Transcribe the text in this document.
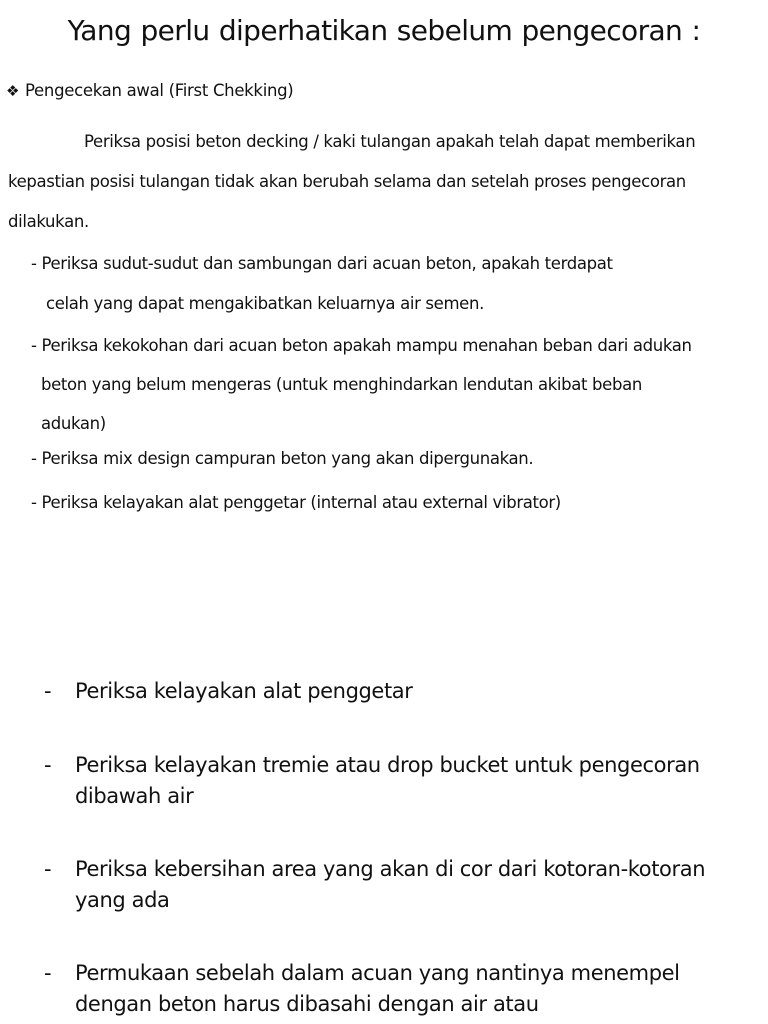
Yang perlu diperhatikan sebelum pengecoran :
❖ Pengecekan awal (First Chekking)
Periksa posisi beton decking / kaki tulangan apakah telah dapat memberikan
kepastian posisi tulangan tidak akan berubah selama dan setelah proses pengecoran
dilakukan.
- Periksa sudut-sudut dan sambungan dari acuan beton, apakah terdapat
celah yang dapat mengakibatkan keluarnya air semen.
- Periksa kekokohan dari acuan beton apakah mampu menahan beban dari adukan
beton yang belum mengeras (untuk menghindarkan lendutan akibat beban
adukan)
- Periksa mix design campuran beton yang akan dipergunakan.
- Periksa kelayakan alat penggetar (internal atau external vibrator)
- Periksa kelayakan alat penggetar
- Periksa kelayakan tremie atau drop bucket untuk pengecoran dibawah air
- Periksa kebersihan area yang akan di cor dari kotoran-kotoran yang ada
- Permukaan sebelah dalam acuan yang nantinya menempel dengan beton harus dibasahi dengan air atau
